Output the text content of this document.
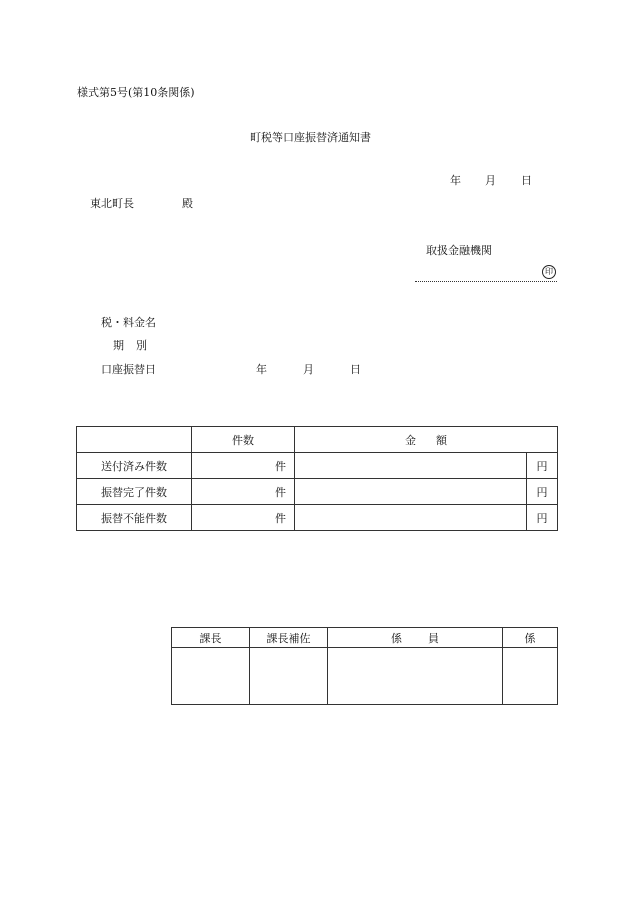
様式第5号(第10条関係)
町税等口座振替済通知書
年 月 日
東北町長	殿
取扱金融機関
印
税・料金名
期 別
口座振替日	年	月	日
	件数	金 額	
送付済み件数	件		円
振替完了件数	件		円
振替不能件数	件		円
課長	課長補佐	係 員	係
